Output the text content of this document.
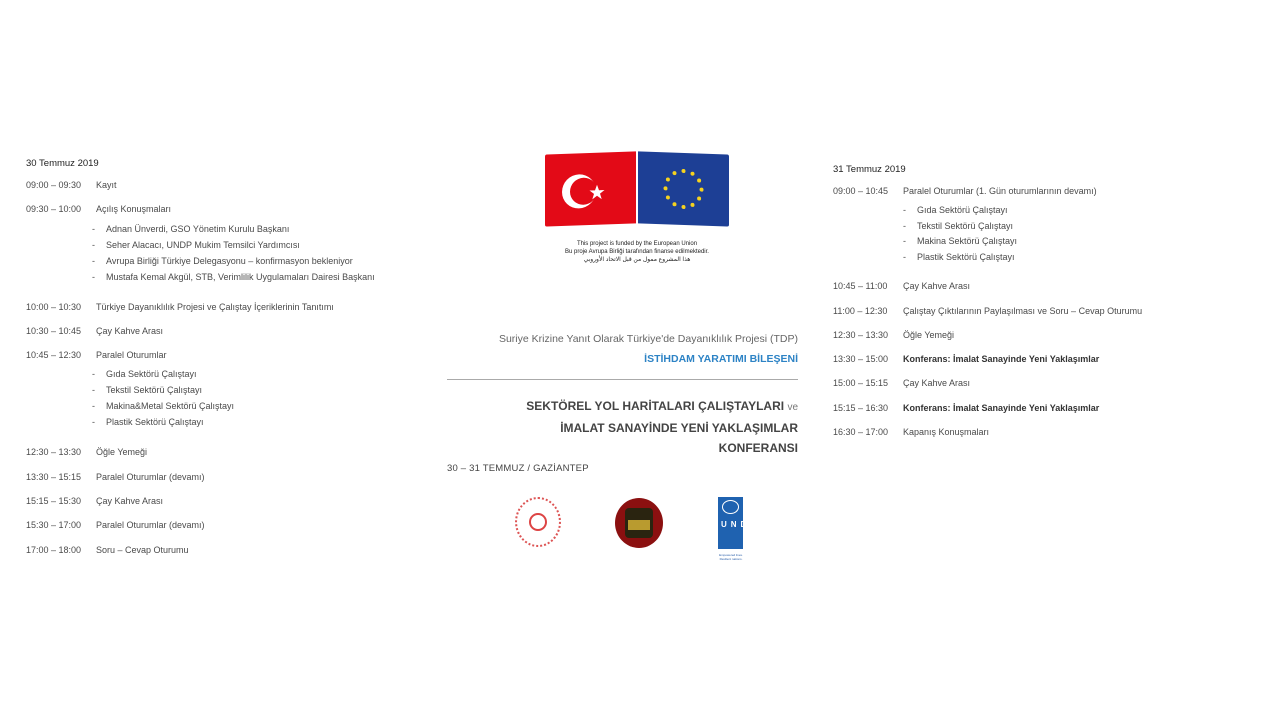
30 Temmuz 2019
09:00 – 09:30	Kayıt
09:30 – 10:00	Açılış Konuşmaları
-	Adnan Ünverdi, GSO Yönetim Kurulu Başkanı
-	Seher Alacacı, UNDP Mukim Temsilci Yardımcısı
-	Avrupa Birliği Türkiye Delegasyonu – konfirmasyon bekleniyor
-	Mustafa Kemal Akgül, STB, Verimlilik Uygulamaları Dairesi Başkanı
10:00 – 10:30	Türkiye Dayanıklılık Projesi ve Çalıştay İçeriklerinin Tanıtımı
10:30 – 10:45	Çay Kahve Arası
10:45 – 12:30	Paralel Oturumlar
-	Gıda Sektörü Çalıştayı
-	Tekstil Sektörü Çalıştayı
-	Makina&Metal Sektörü Çalıştayı
-	Plastik Sektörü Çalıştayı
12:30 – 13:30	Öğle Yemeği
13:30 – 15:15	Paralel Oturumlar (devamı)
15:15 – 15:30	Çay Kahve Arası
15:30 – 17:00	Paralel Oturumlar (devamı)
17:00 – 18:00	Soru – Cevap Oturumu
This project is funded by the European Union
Bu proje Avrupa Birliği tarafından finanse edilmektedir.
هذا المشروع ممول من قبل الاتحاد الأوروبي
Suriye Krizine Yanıt Olarak Türkiye'de Dayanıklılık Projesi (TDP)
İSTİHDAM YARATIMI BİLEŞENİ
SEKTÖREL YOL HARİTALARI ÇALIŞTAYLARI ve
İMALAT SANAYİNDE YENİ YAKLAŞIMLAR
KONFERANSI
30 – 31 TEMMUZ / GAZİANTEP
UNDP
Empowered lives. Resilient nations.
31 Temmuz 2019
09:00 – 10:45	Paralel Oturumlar (1. Gün oturumlarının devamı)
-	Gıda Sektörü Çalıştayı
-	Tekstil Sektörü Çalıştayı
-	Makina Sektörü Çalıştayı
-	Plastik Sektörü Çalıştayı
10:45 – 11:00	Çay Kahve Arası
11:00 – 12:30	Çalıştay Çıktılarının Paylaşılması ve Soru – Cevap Oturumu
12:30 – 13:30	Öğle Yemeği
13:30 – 15:00	Konferans: İmalat Sanayinde Yeni Yaklaşımlar
15:00 – 15:15	Çay Kahve Arası
15:15 – 16:30	Konferans: İmalat Sanayinde Yeni Yaklaşımlar
16:30 – 17:00	Kapanış Konuşmaları
